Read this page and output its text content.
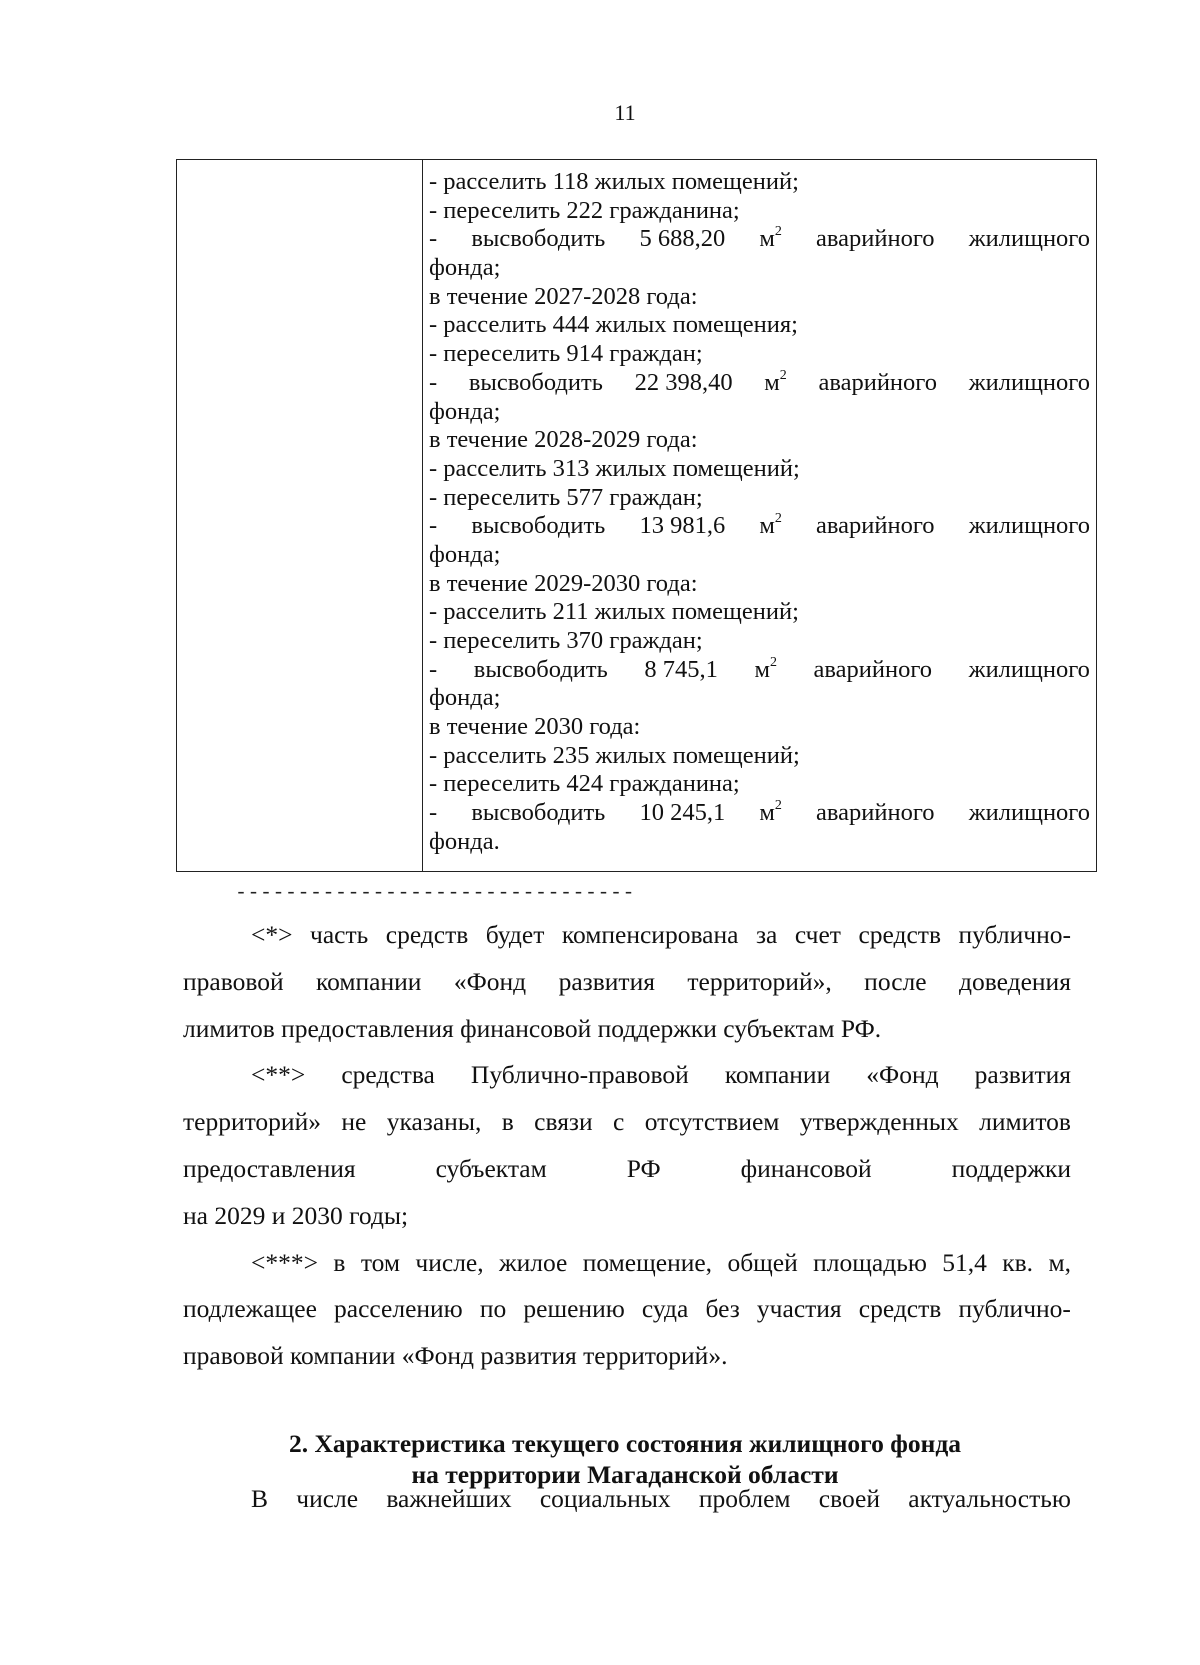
11
- расселить 118 жилых помещений;
- переселить 222 гражданина;
- высвободить 5 688,20 $м^2$ аварийного жилищного
фонда;
в течение 2027-2028 года:
- расселить 444 жилых помещения;
- переселить 914 граждан;
- высвободить 22 398,40 $м^2$ аварийного жилищного
фонда;
в течение 2028-2029 года:
- расселить 313 жилых помещений;
- переселить 577 граждан;
- высвободить 13 981,6 $м^2$ аварийного жилищного
фонда;
в течение 2029-2030 года:
- расселить 211 жилых помещений;
- переселить 370 граждан;
- высвободить 8 745,1 $м^2$ аварийного жилищного
фонда;
в течение 2030 года:
- расселить 235 жилых помещений;
- переселить 424 гражданина;
- высвободить 10 245,1 $м^2$ аварийного жилищного
фонда.
--------------------------------
<*> часть средств будет компенсирована за счет средств публично-
правовой компании «Фонд развития территорий», после доведения
лимитов предоставления финансовой поддержки субъектам РФ.
<**> средства Публично-правовой компании «Фонд развития
территорий» не указаны, в связи с отсутствием утвержденных лимитов
предоставления	субъектам	РФ	финансовой	поддержки
на 2029 и 2030 годы;
<***> в том числе, жилое помещение, общей площадью 51,4 кв. м,
подлежащее расселению по решению суда без участия средств публично-
правовой компании «Фонд развития территорий».
2. Характеристика текущего состояния жилищного фонда
на территории Магаданской области
В числе важнейших социальных проблем своей актуальностью
